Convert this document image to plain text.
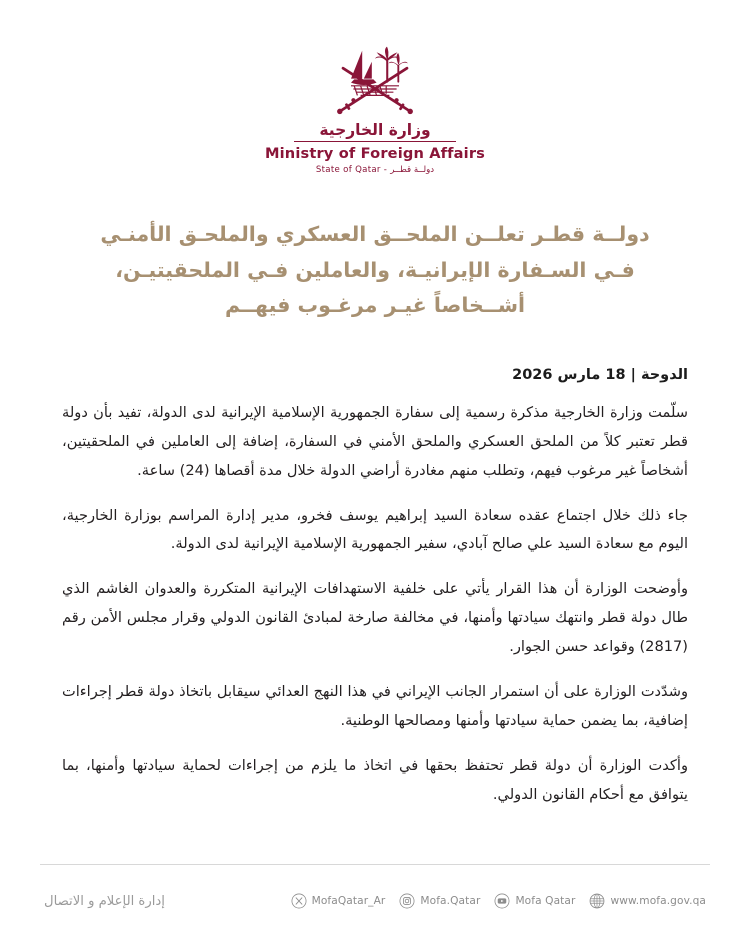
وزارة الخارجية
Ministry of Foreign Affairs
State of Qatar - دولــة قطــر
دولــة قطـر تعلــن الملحــق العسكري والملحـق الأمنـي
فـي السـفارة الإيرانيـة، والعاملين فـي الملحقيتيـن،
أشــخاصاً غيـر مرغـوب فيهــم
الدوحة | 18 مارس 2026

سلّمت وزارة الخارجية مذكرة رسمية إلى سفارة الجمهورية الإسلامية الإيرانية لدى الدولة، تفيد بأن دولة قطر تعتبر كلاً من الملحق العسكري والملحق الأمني في السفارة، إضافة إلى العاملين في الملحقيتين، أشخاصاً غير مرغوب فيهم، وتطلب منهم مغادرة أراضي الدولة خلال مدة أقصاها (24) ساعة.

جاء ذلك خلال اجتماع عقده سعادة السيد إبراهيم يوسف فخرو، مدير إدارة المراسم بوزارة الخارجية، اليوم مع سعادة السيد علي صالح آبادي، سفير الجمهورية الإسلامية الإيرانية لدى الدولة.

وأوضحت الوزارة أن هذا القرار يأتي على خلفية الاستهدافات الإيرانية المتكررة والعدوان الغاشم الذي طال دولة قطر وانتهك سيادتها وأمنها، في مخالفة صارخة لمبادئ القانون الدولي وقرار مجلس الأمن رقم (2817) وقواعد حسن الجوار.

وشدّدت الوزارة على أن استمرار الجانب الإيراني في هذا النهج العدائي سيقابل باتخاذ دولة قطر إجراءات إضافية، بما يضمن حماية سيادتها وأمنها ومصالحها الوطنية.

وأكدت الوزارة أن دولة قطر تحتفظ بحقها في اتخاذ ما يلزم من إجراءات لحماية سيادتها وأمنها، بما يتوافق مع أحكام القانون الدولي.

إدارة الإعلام و الاتصال	MofaQatar_Ar	Mofa.Qatar	Mofa Qatar	www.mofa.gov.qa
